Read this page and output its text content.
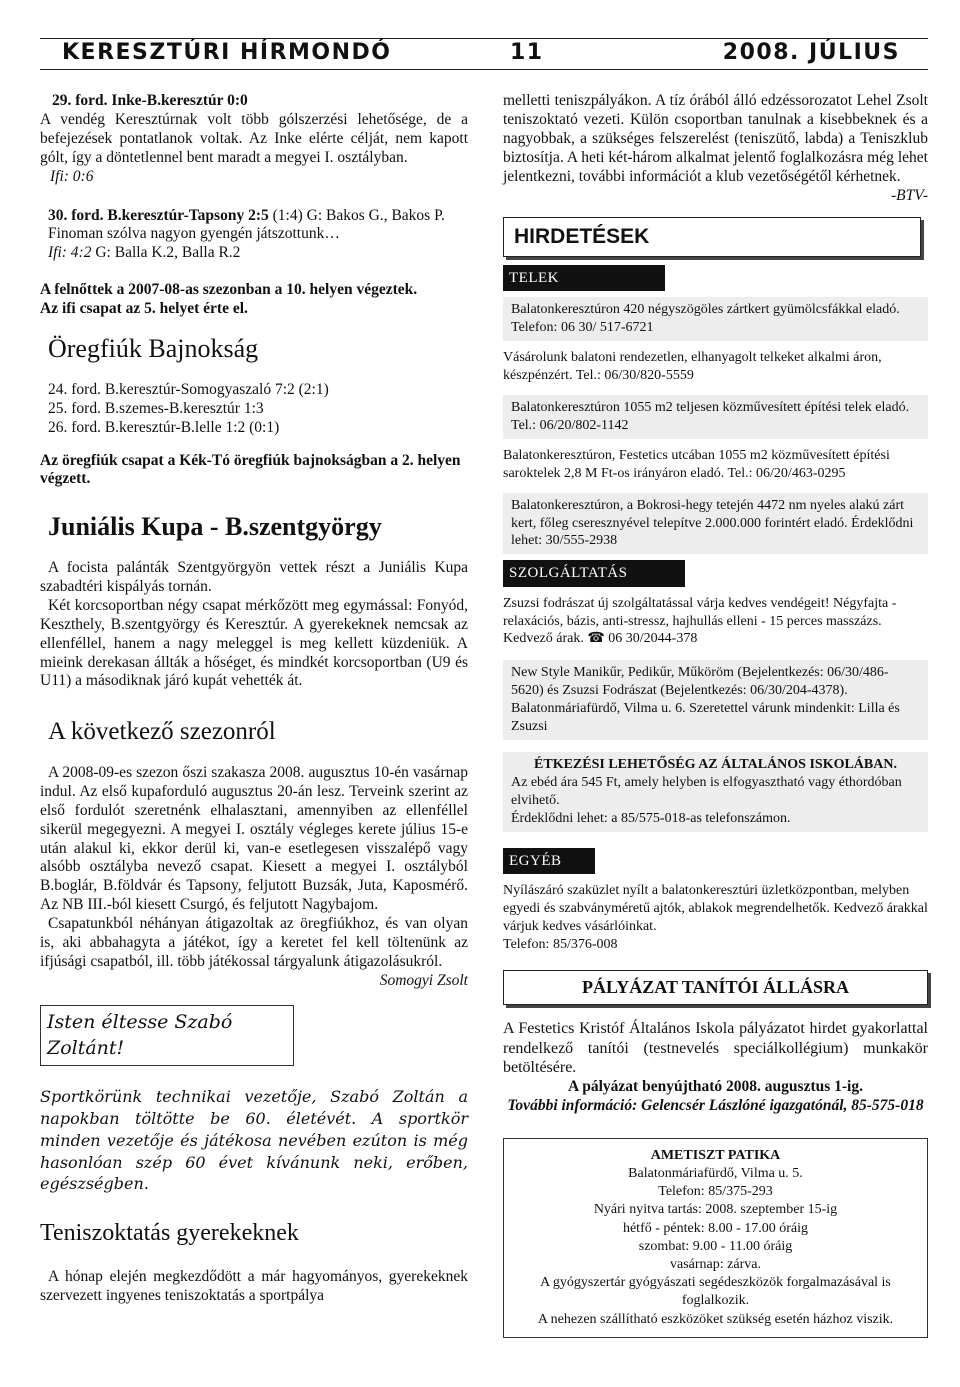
KERESZTÚRI HÍRMONDÓ	11	2008. JÚLIUS
29. ford. Inke-B.keresztúr 0:0

A vendég Keresztúrnak volt több gólszerzési lehetősége, de a befejezések pontatlanok voltak. Az Inke elérte célját, nem kapott gólt, így a döntetlennel bent maradt a megyei I. osztályban.

Ifi: 0:6
30. ford. B.keresztúr-Tapsony 2:5 (1:4) G: Bakos G., Bakos P.
Finoman szólva nagyon gyengén játszottunk…
Ifi: 4:2 G: Balla K.2, Balla R.2
A felnőttek a 2007-08-as szezonban a 10. helyen végeztek.
Az ifi csapat az 5. helyet érte el.
Öregfiúk Bajnokság
24. ford. B.keresztúr-Somogyaszaló 7:2 (2:1)
25. ford. B.szemes-B.keresztúr 1:3
26. ford. B.keresztúr-B.lelle 1:2 (0:1)
Az öregfiúk csapat a Kék-Tó öregfiúk bajnokságban a 2. helyen végzett.
Juniális Kupa - B.szentgyörgy

A focista palánták Szentgyörgyön vettek részt a Juniális Kupa szabadtéri kispályás tornán.

Két korcsoportban négy csapat mérkőzött meg egymással: Fonyód, Keszthely, B.szentgyörgy és Keresztúr. A gyerekeknek nemcsak az ellenféllel, hanem a nagy meleggel is meg kellett küzdeniük. A mieink derekasan állták a hőséget, és mindkét korcsoportban (U9 és U11) a másodiknak járó kupát vehették át.

A következő szezonról

A 2008-09-es szezon őszi szakasza 2008. augusztus 10-én vasárnap indul. Az első kupaforduló augusztus 20-án lesz. Terveink szerint az első fordulót szeretnénk elhalasztani, amennyiben az ellenféllel sikerül megegyezni. A megyei I. osztály végleges kerete július 15-e után alakul ki, ekkor derül ki, van-e esetlegesen visszalépő vagy alsóbb osztályba nevező csapat. Kiesett a megyei I. osztályból B.boglár, B.földvár és Tapsony, feljutott Buzsák, Juta, Kaposmérő. Az NB III.-ból kiesett Csurgó, és feljutott Nagybajom.

Csapatunkból néhányan átigazoltak az öregfiúkhoz, és van olyan is, aki abbahagyta a játékot, így a keretet fel kell töltenünk az ifjúsági csapatból, ill. több játékossal tárgyalunk átigazolásukról.

Somogyi Zsolt
Isten éltesse Szabó Zoltánt!

Sportkörünk technikai vezetője, Szabó Zoltán a napokban töltötte be 60. életévét. A sportkör minden vezetője és játékosa nevében ezúton is még hasonlóan szép 60 évet kívánunk neki, erőben, egészségben.

Teniszoktatás gyerekeknek

A hónap elején megkezdődött a már hagyományos, gyerekeknek szervezett ingyenes teniszoktatás a sportpálya

melletti teniszpályákon. A tíz órából álló edzéssorozatot Lehel Zsolt teniszoktató vezeti. Külön csoportban tanulnak a kisebbeknek és a nagyobbak, a szükséges felszerelést (teniszütő, labda) a Teniszklub biztosítja. A heti két-három alkalmat jelentő foglalkozásra még lehet jelentkezni, további információt a klub vezetőségétől kérhetnek.

-BTV-
HIRDETÉSEK
TELEK
Balatonkeresztúron 420 négyszögöles zártkert gyümölcsfákkal eladó. Telefon: 06 30/ 517-6721
Vásárolunk balatoni rendezetlen, elhanyagolt telkeket alkalmi áron, készpénzért. Tel.: 06/30/820-5559
Balatonkeresztúron 1055 m2 teljesen közművesített építési telek eladó. Tel.: 06/20/802-1142
Balatonkeresztúron, Festetics utcában 1055 m2 közművesített építési saroktelek 2,8 M Ft-os irányáron eladó. Tel.: 06/20/463-0295
Balatonkeresztúron, a Bokrosi-hegy tetején 4472 nm nyeles alakú zárt kert, főleg cseresznyével telepítve 2.000.000 forintért eladó. Érdeklődni lehet: 30/555-2938
SZOLGÁLTATÁS
Zsuzsi fodrászat új szolgáltatással várja kedves vendégeit! Négyfajta - relaxációs, bázis, anti-stressz, hajhullás elleni - 15 perces masszázs. Kedvező árak. ☎ 06 30/2044-378
New Style Manikűr, Pedikűr, Műköröm (Bejelentkezés: 06/30/486-5620) és Zsuzsi Fodrászat (Bejelentkezés: 06/30/204-4378). Balatonmáriafürdő, Vilma u. 6. Szeretettel várunk mindenkit: Lilla és Zsuzsi
ÉTKEZÉSI LEHETŐSÉG AZ ÁLTALÁNOS ISKOLÁBAN.
Az ebéd ára 545 Ft, amely helyben is elfogyasztható vagy éthordóban elvihető.
Érdeklődni lehet: a 85/575-018-as telefonszámon.
EGYÉB
Nyílászáró szaküzlet nyílt a balatonkeresztúri üzletközpontban, melyben egyedi és szabványméretű ajtók, ablakok megrendelhetők. Kedvező árakkal várjuk kedves vásárlóinkat.
Telefon: 85/376-008
PÁLYÁZAT TANÍTÓI ÁLLÁSRA

A Festetics Kristóf Általános Iskola pályázatot hirdet gyakorlattal rendelkező tanítói (testnevelés speciálkollégium) munkakör betöltésére.

A pályázat benyújtható 2008. augusztus 1-ig.
További információ: Gelencsér Lászlóné igazgatónál, 85-575-018
AMETISZT PATIKA
Balatonmáriafürdő, Vilma u. 5.
Telefon: 85/375-293
Nyári nyitva tartás: 2008. szeptember 15-ig
hétfő - péntek: 8.00 - 17.00 óráig
szombat: 9.00 - 11.00 óráig
vasárnap: zárva.
A gyógyszertár gyógyászati segédeszközök forgalmazásával is foglalkozik.
A nehezen szállítható eszközöket szükség esetén házhoz viszik.
